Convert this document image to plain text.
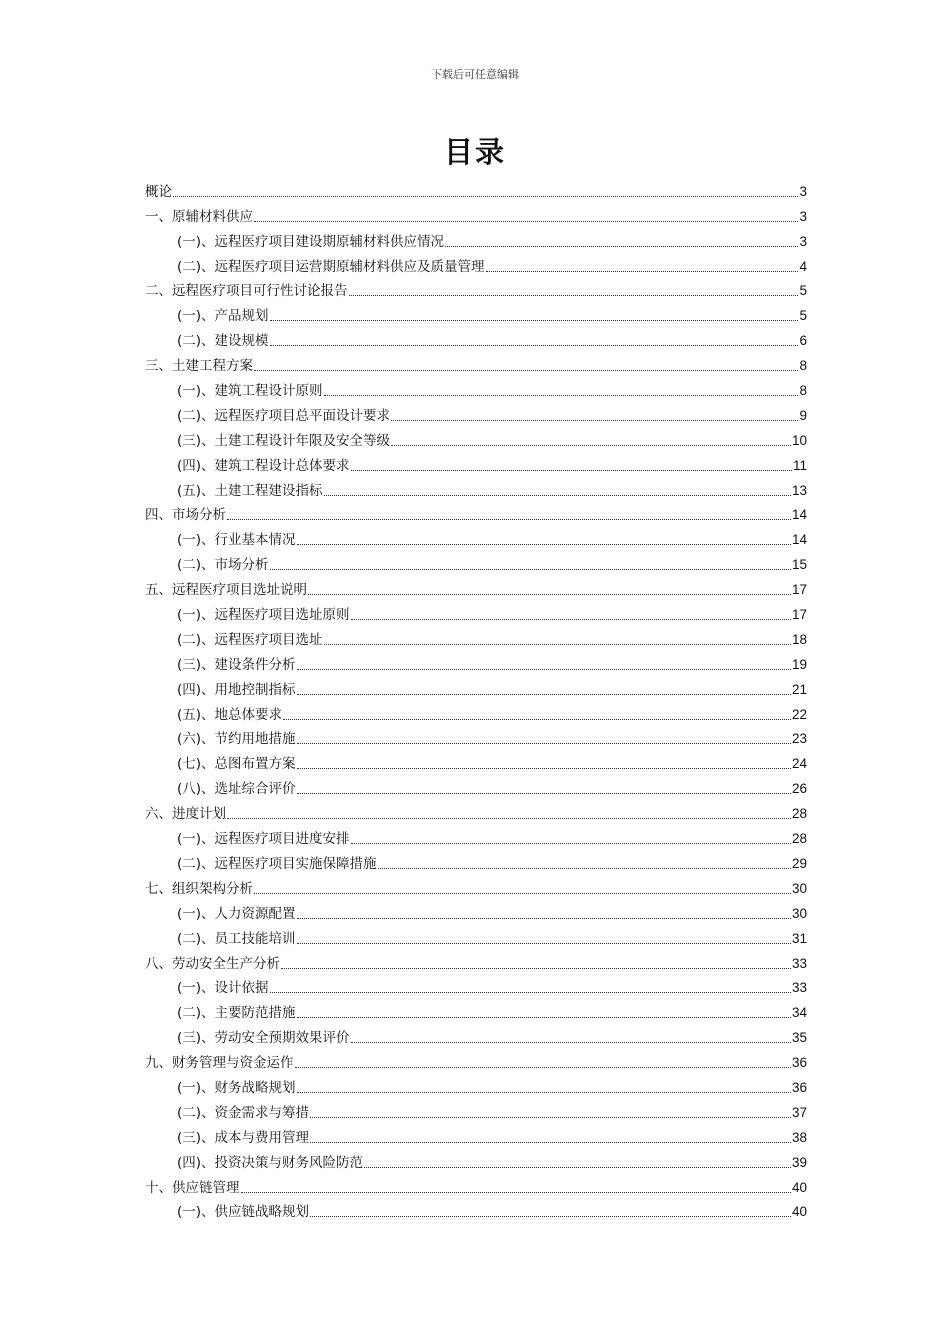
下载后可任意编辑
目录
概论	3
一、原辅材料供应	3
(一)、远程医疗项目建设期原辅材料供应情况	3
(二)、远程医疗项目运营期原辅材料供应及质量管理	4
二、远程医疗项目可行性讨论报告	5
(一)、产品规划	5
(二)、建设规模	6
三、土建工程方案	8
(一)、建筑工程设计原则	8
(二)、远程医疗项目总平面设计要求	9
(三)、土建工程设计年限及安全等级	10
(四)、建筑工程设计总体要求	11
(五)、土建工程建设指标	13
四、市场分析	14
(一)、行业基本情况	14
(二)、市场分析	15
五、远程医疗项目选址说明	17
(一)、远程医疗项目选址原则	17
(二)、远程医疗项目选址	18
(三)、建设条件分析	19
(四)、用地控制指标	21
(五)、地总体要求	22
(六)、节约用地措施	23
(七)、总图布置方案	24
(八)、选址综合评价	26
六、进度计划	28
(一)、远程医疗项目进度安排	28
(二)、远程医疗项目实施保障措施	29
七、组织架构分析	30
(一)、人力资源配置	30
(二)、员工技能培训	31
八、劳动安全生产分析	33
(一)、设计依据	33
(二)、主要防范措施	34
(三)、劳动安全预期效果评价	35
九、财务管理与资金运作	36
(一)、财务战略规划	36
(二)、资金需求与筹措	37
(三)、成本与费用管理	38
(四)、投资决策与财务风险防范	39
十、供应链管理	40
(一)、供应链战略规划	40
